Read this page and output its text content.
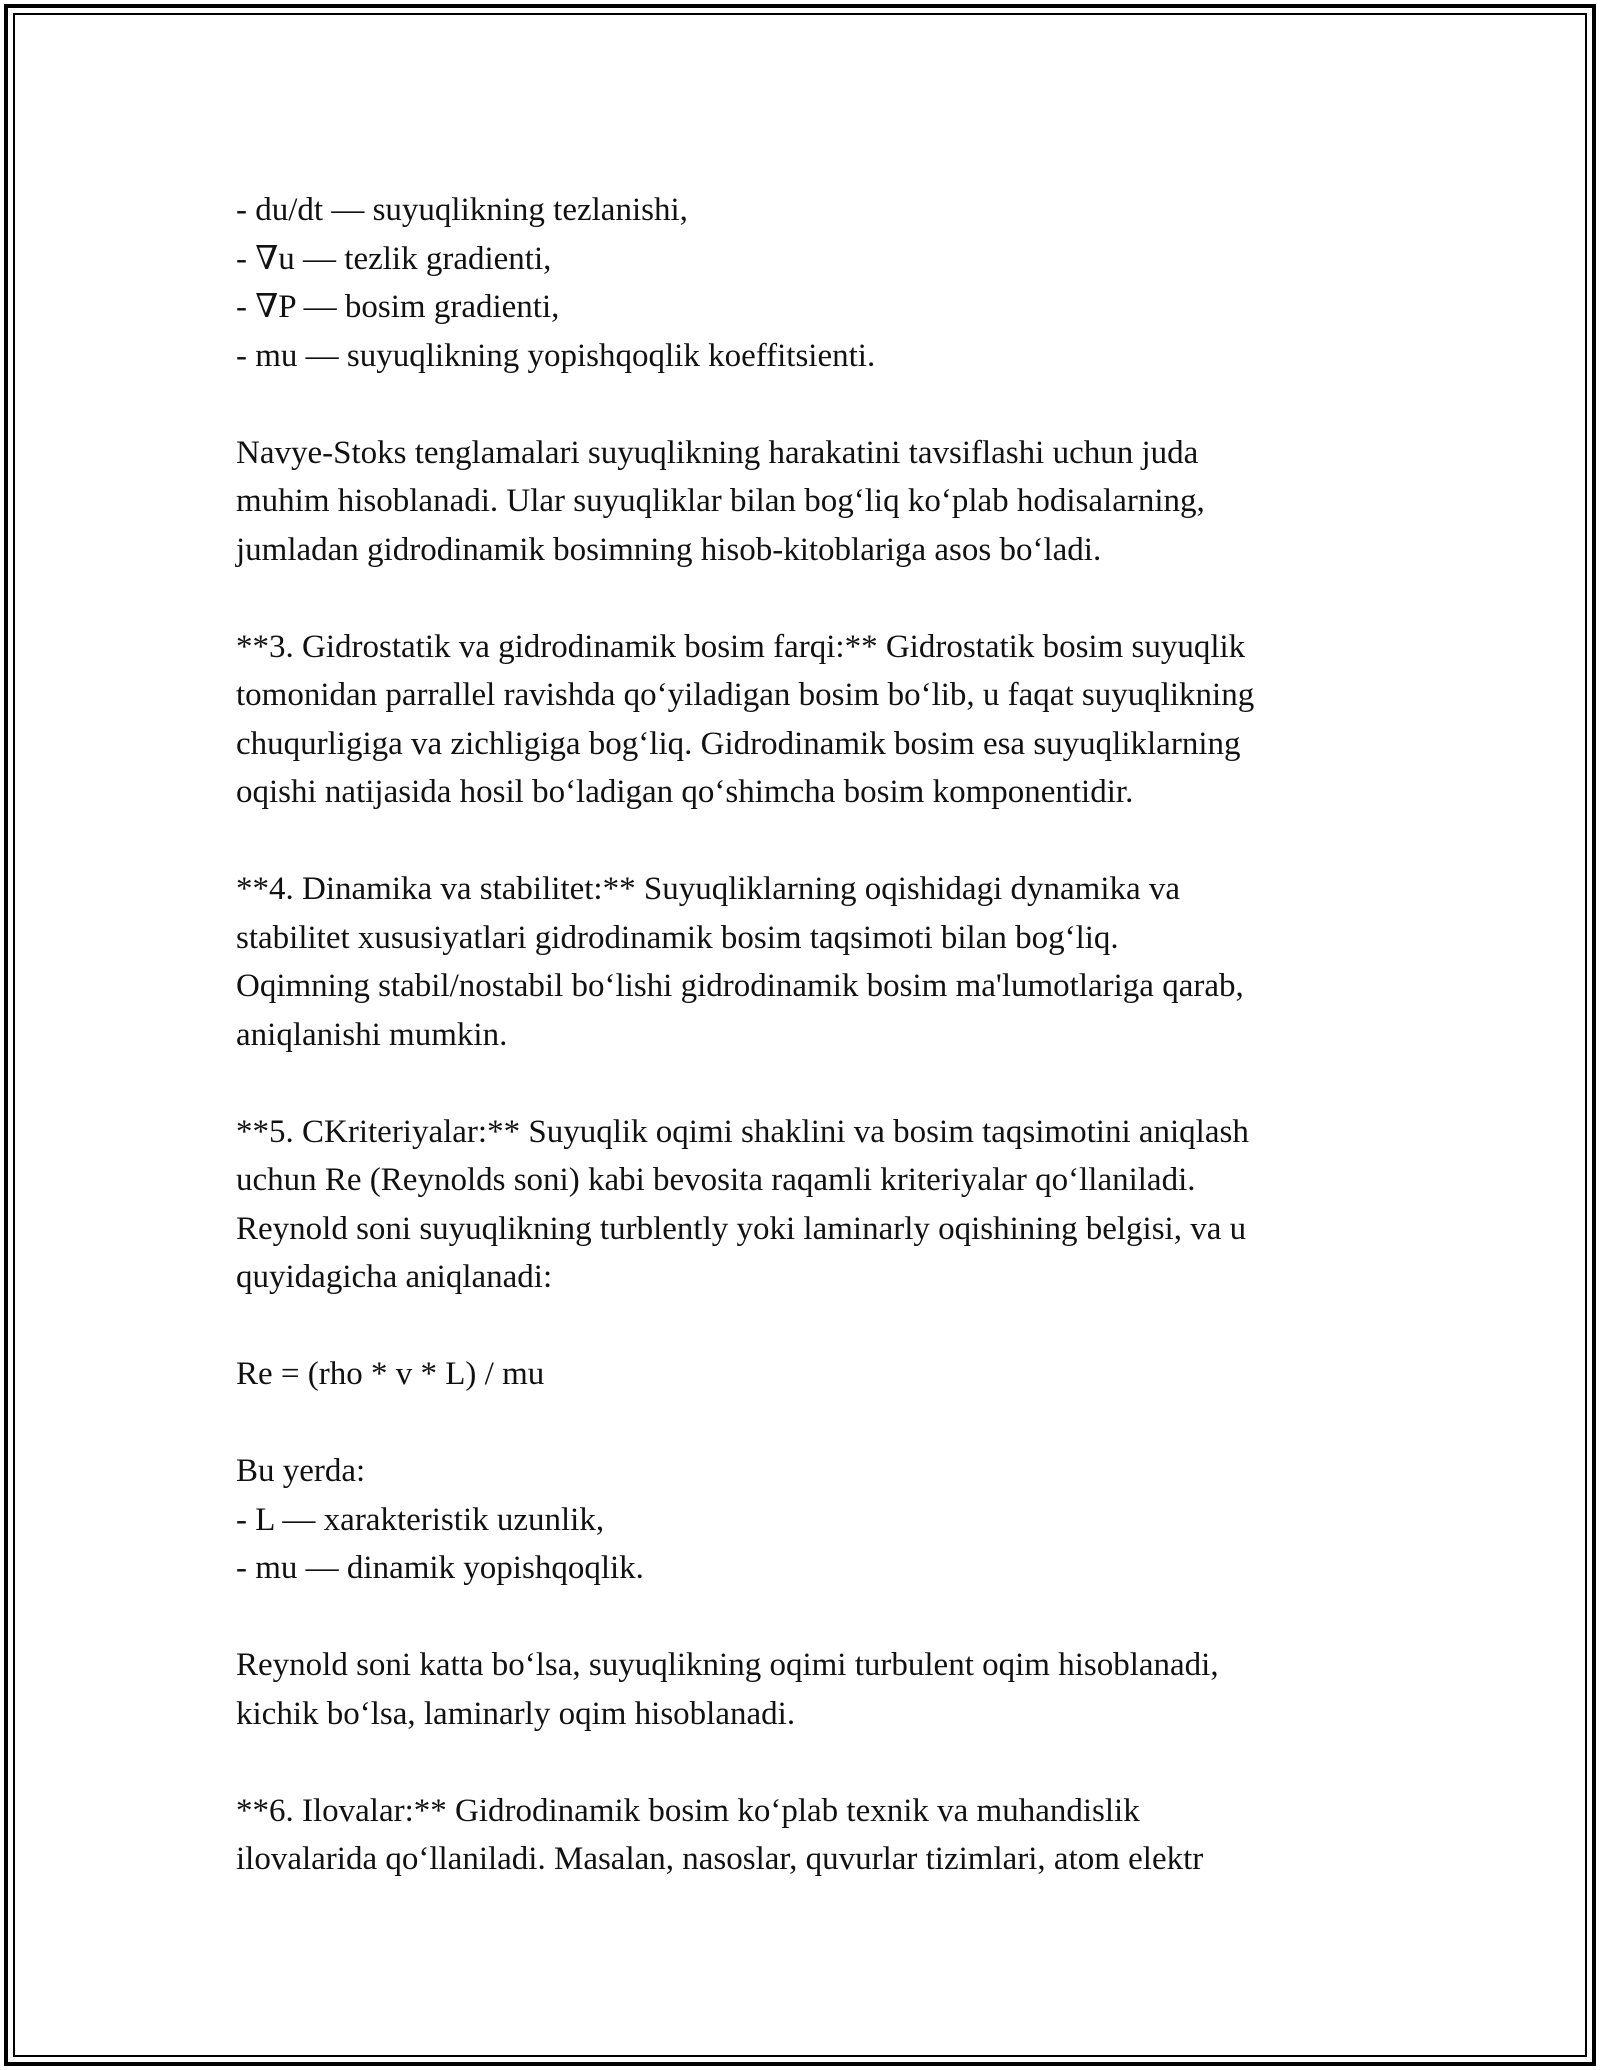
- du/dt — suyuqlikning tezlanishi,
- ∇u — tezlik gradienti,
- ∇P — bosim gradienti,
- mu — suyuqlikning yopishqoqlik koeffitsienti.
Navye-Stoks tenglamalari suyuqlikning harakatini tavsiflashi uchun juda
muhim hisoblanadi. Ular suyuqliklar bilan bog‘liq ko‘plab hodisalarning,
jumladan gidrodinamik bosimning hisob-kitoblariga asos bo‘ladi.
**3. Gidrostatik va gidrodinamik bosim farqi:** Gidrostatik bosim suyuqlik
tomonidan parrallel ravishda qo‘yiladigan bosim bo‘lib, u faqat suyuqlikning
chuqurligiga va zichligiga bog‘liq. Gidrodinamik bosim esa suyuqliklarning
oqishi natijasida hosil bo‘ladigan qo‘shimcha bosim komponentidir.
**4. Dinamika va stabilitet:** Suyuqliklarning oqishidagi dynamika va
stabilitet xususiyatlari gidrodinamik bosim taqsimoti bilan bog‘liq.
Oqimning stabil/nostabil bo‘lishi gidrodinamik bosim ma'lumotlariga qarab,
aniqlanishi mumkin.
**5. CKriteriyalar:** Suyuqlik oqimi shaklini va bosim taqsimotini aniqlash
uchun Re (Reynolds soni) kabi bevosita raqamli kriteriyalar qo‘llaniladi.
Reynold soni suyuqlikning turblently yoki laminarly oqishining belgisi, va u
quyidagicha aniqlanadi:
Re = (rho * v * L) / mu
Bu yerda:
- L — xarakteristik uzunlik,
- mu — dinamik yopishqoqlik.
Reynold soni katta bo‘lsa, suyuqlikning oqimi turbulent oqim hisoblanadi,
kichik bo‘lsa, laminarly oqim hisoblanadi.
**6. Ilovalar:** Gidrodinamik bosim ko‘plab texnik va muhandislik
ilovalarida qo‘llaniladi. Masalan, nasoslar, quvurlar tizimlari, atom elektr
